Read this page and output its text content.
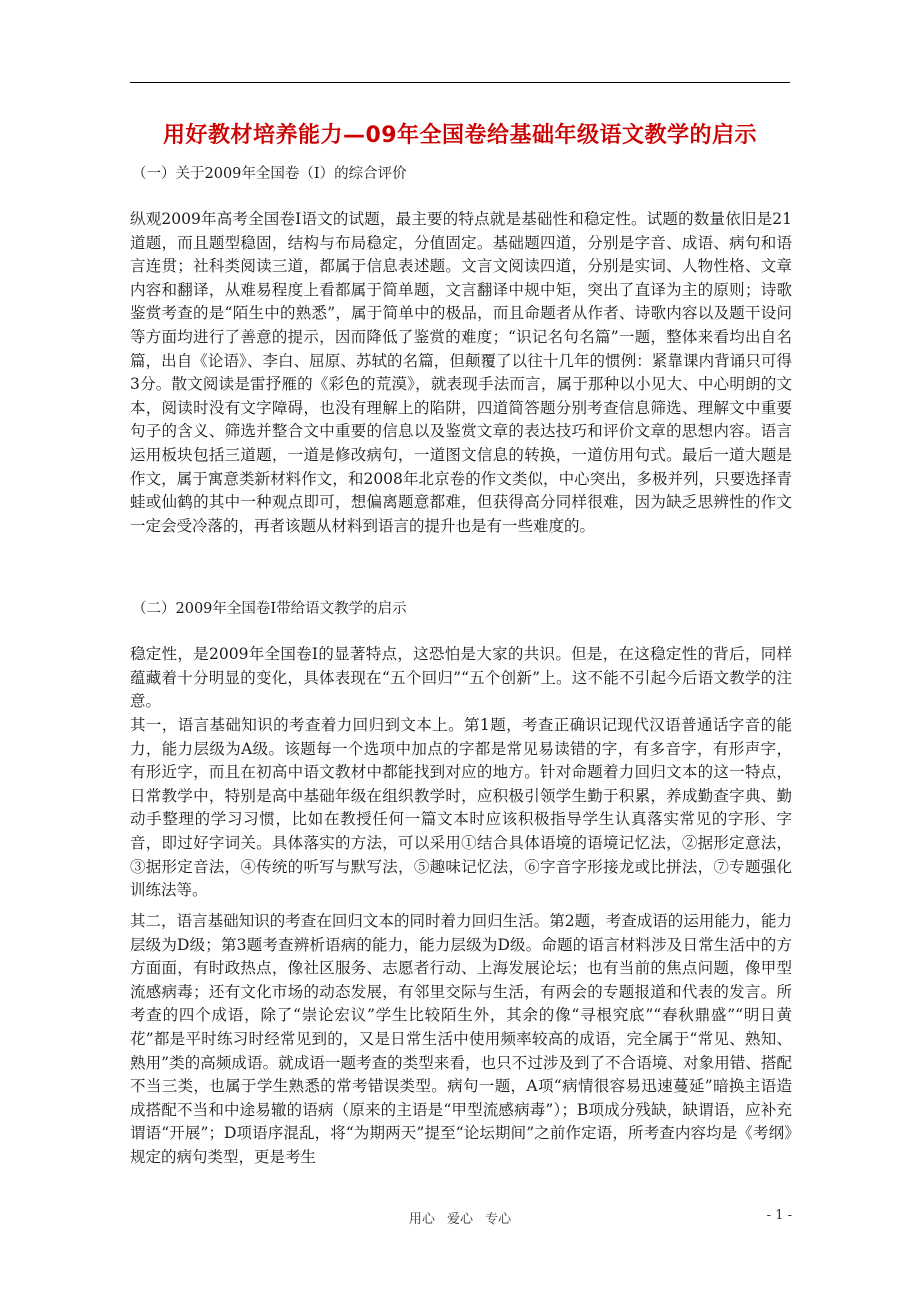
用好教材培养能力—09年全国卷给基础年级语文教学的启示
（一）关于2009年全国卷（Ⅰ）的综合评价
纵观2009年高考全国卷Ⅰ语文的试题，最主要的特点就是基础性和稳定性。试题的数量依旧是21道题，而且题型稳固，结构与布局稳定，分值固定。基础题四道，分别是字音、成语、病句和语言连贯；社科类阅读三道，都属于信息表述题。文言文阅读四道，分别是实词、人物性格、文章内容和翻译，从难易程度上看都属于简单题，文言翻译中规中矩，突出了直译为主的原则；诗歌鉴赏考查的是“陌生中的熟悉”，属于简单中的极品，而且命题者从作者、诗歌内容以及题干设问等方面均进行了善意的提示，因而降低了鉴赏的难度；“识记名句名篇”一题，整体来看均出自名篇，出自《论语》、李白、屈原、苏轼的名篇，但颠覆了以往十几年的惯例：紧靠课内背诵只可得3分。散文阅读是雷抒雁的《彩色的荒漠》，就表现手法而言，属于那种以小见大、中心明朗的文本，阅读时没有文字障碍，也没有理解上的陷阱，四道简答题分别考查信息筛选、理解文中重要句子的含义、筛选并整合文中重要的信息以及鉴赏文章的表达技巧和评价文章的思想内容。语言运用板块包括三道题，一道是修改病句，一道图文信息的转换，一道仿用句式。最后一道大题是作文，属于寓意类新材料作文，和2008年北京卷的作文类似，中心突出，多极并列，只要选择青蛙或仙鹤的其中一种观点即可，想偏离题意都难，但获得高分同样很难，因为缺乏思辨性的作文一定会受冷落的，再者该题从材料到语言的提升也是有一些难度的。
（二）2009年全国卷Ⅰ带给语文教学的启示
稳定性，是2009年全国卷Ⅰ的显著特点，这恐怕是大家的共识。但是，在这稳定性的背后，同样蕴藏着十分明显的变化，具体表现在“五个回归”“五个创新”上。这不能不引起今后语文教学的注意。
其一，语言基础知识的考查着力回归到文本上。第1题，考查正确识记现代汉语普通话字音的能力，能力层级为A级。该题每一个选项中加点的字都是常见易读错的字，有多音字，有形声字，有形近字，而且在初高中语文教材中都能找到对应的地方。针对命题着力回归文本的这一特点，日常教学中，特别是高中基础年级在组织教学时，应积极引领学生勤于积累，养成勤查字典、勤动手整理的学习习惯，比如在教授任何一篇文本时应该积极指导学生认真落实常见的字形、字音，即过好字词关。具体落实的方法，可以采用①结合具体语境的语境记忆法，②据形定意法，③据形定音法，④传统的听写与默写法，⑤趣味记忆法，⑥字音字形接龙或比拼法，⑦专题强化训练法等。
其二，语言基础知识的考查在回归文本的同时着力回归生活。第2题，考查成语的运用能力，能力层级为D级；第3题考查辨析语病的能力，能力层级为D级。命题的语言材料涉及日常生活中的方方面面，有时政热点，像社区服务、志愿者行动、上海发展论坛；也有当前的焦点问题，像甲型流感病毒；还有文化市场的动态发展，有邻里交际与生活，有两会的专题报道和代表的发言。所考查的四个成语，除了“崇论宏议”学生比较陌生外，其余的像“寻根究底”“春秋鼎盛”“明日黄花”都是平时练习时经常见到的，又是日常生活中使用频率较高的成语，完全属于“常见、熟知、熟用”类的高频成语。就成语一题考查的类型来看，也只不过涉及到了不合语境、对象用错、搭配不当三类，也属于学生熟悉的常考错误类型。病句一题，A项“病情很容易迅速蔓延”暗换主语造成搭配不当和中途易辙的语病（原来的主语是“甲型流感病毒”）；B项成分残缺，缺谓语，应补充谓语“开展”；D项语序混乱，将“为期两天”提至“论坛期间”之前作定语，所考查内容均是《考纲》规定的病句类型，更是考生
用心 爱心 专心	- 1 -
